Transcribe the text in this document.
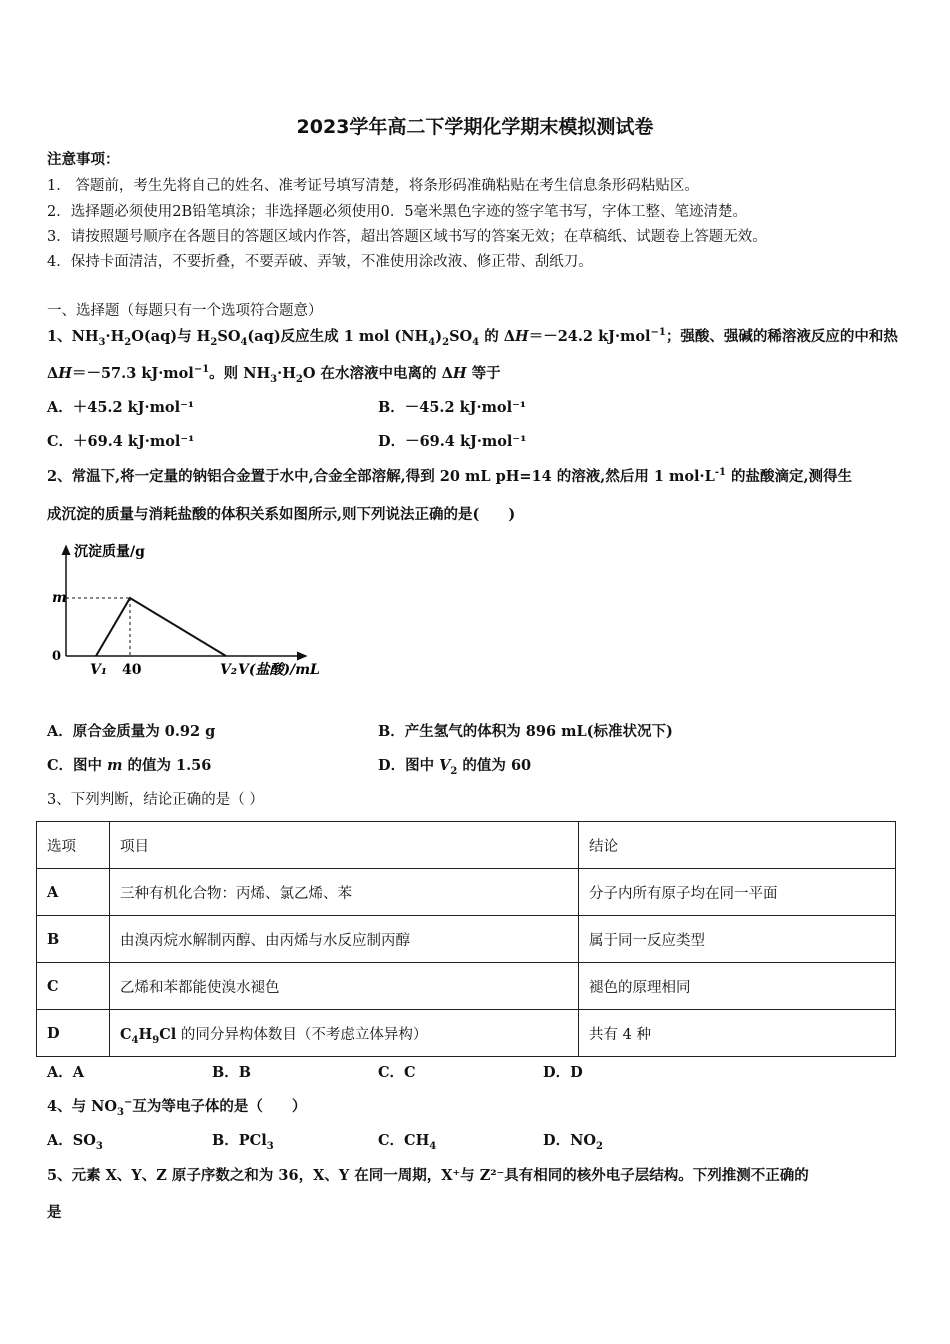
2023学年高二下学期化学期末模拟测试卷
注意事项：
1． 答题前，考生先将自己的姓名、准考证号填写清楚，将条形码准确粘贴在考生信息条形码粘贴区。
2．选择题必须使用2B铅笔填涂；非选择题必须使用0．5毫米黑色字迹的签字笔书写，字体工整、笔迹清楚。
3．请按照题号顺序在各题目的答题区域内作答，超出答题区域书写的答案无效；在草稿纸、试题卷上答题无效。
4．保持卡面清洁，不要折叠，不要弄破、弄皱，不准使用涂改液、修正带、刮纸刀。
一、选择题（每题只有一个选项符合题意）
1、$NH_3\cdot H_2O(aq)$与 $H_2SO_4(aq)$反应生成 1 mol $(NH_4)_2SO_4$ 的 ΔH＝－24.2 kJ·mol$^{-1}$；强酸、强碱的稀溶液反应的中和热
ΔH＝－57.3 kJ·mol$^{-1}$。则 $NH_3\cdot H_2O$ 在水溶液中电离的 ΔH 等于
A．＋45.2 kJ·mol⁻¹	B．－45.2 kJ·mol⁻¹
C．＋69.4 kJ·mol⁻¹	D．－69.4 kJ·mol⁻¹
2、常温下,将一定量的钠铝合金置于水中,合金全部溶解,得到 20 mL pH=14 的溶液,然后用 1 $mol\cdot L^{-1}$ 的盐酸滴定,测得生
成沉淀的质量与消耗盐酸的体积关系如图所示,则下列说法正确的是(　　)
沉淀质量/g
V(盐酸)/mL
0
m
V₁ 40	V₂
A．原合金质量为 0.92 g	B．产生氢气的体积为 896 mL(标准状况下)
C．图中 m 的值为 1.56	D．图中 $V_2$ 的值为 60
3、下列判断，结论正确的是（ ）
选项	项目	结论
A	三种有机化合物：丙烯、氯乙烯、苯	分子内所有原子均在同一平面
B	由溴丙烷水解制丙醇、由丙烯与水反应制丙醇	属于同一反应类型
C	乙烯和苯都能使溴水褪色	褪色的原理相同
D	$C_4H_9Cl$ 的同分异构体数目（不考虑立体异构）	共有 4 种
A．A	B．B	C．C	D．D
4、与 $NO_3^-$互为等电子体的是（　　）
A．$SO_3$	B．PCl$_3$	C．$CH_4$	D．$NO_2$
5、元素 X、Y、Z 原子序数之和为 36，X、Y 在同一周期，X⁺与 Z²⁻具有相同的核外电子层结构。下列推测不正确的
是
